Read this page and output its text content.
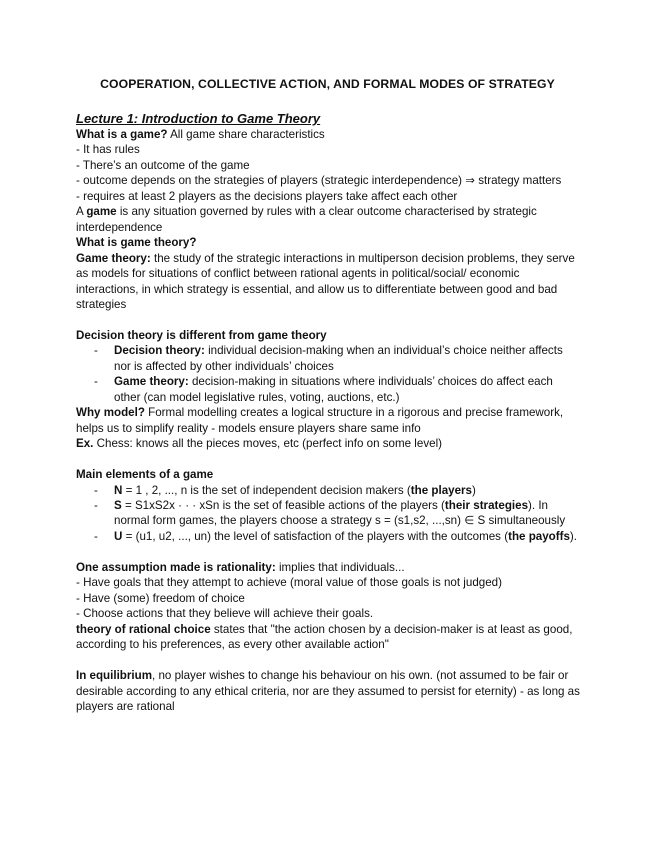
COOPERATION, COLLECTIVE ACTION, AND FORMAL MODES OF STRATEGY

Lecture 1: Introduction to Game Theory

What is a game? All game share characteristics

- It has rules

- There’s an outcome of the game

- outcome depends on the strategies of players (strategic interdependence) ⇒ strategy matters

- requires at least 2 players as the decisions players take affect each other

A game is any situation governed by rules with a clear outcome characterised by strategic interdependence

What is game theory?

Game theory: the study of the strategic interactions in multiperson decision problems, they serve as models for situations of conflict between rational agents in political/social/ economic interactions, in which strategy is essential, and allow us to differentiate between good and bad strategies

Decision theory is different from game theory

- Decision theory: individual decision-making when an individual’s choice neither affects nor is affected by other individuals’ choices
- Game theory: decision-making in situations where individuals’ choices do affect each other (can model legislative rules, voting, auctions, etc.)

Why model? Formal modelling creates a logical structure in a rigorous and precise framework, helps us to simplify reality - models ensure players share same info

Ex. Chess: knows all the pieces moves, etc (perfect info on some level)

Main elements of a game

- N = 1 , 2, ..., n is the set of independent decision makers (the players)
- S = S1xS2x · · · xSn is the set of feasible actions of the players (their strategies). In normal form games, the players choose a strategy s = (s1,s2, ...,sn) ∈ S simultaneously
- U = (u1, u2, ..., un) the level of satisfaction of the players with the outcomes (the payoffs).

One assumption made is rationality: implies that individuals...

- Have goals that they attempt to achieve (moral value of those goals is not judged)

- Have (some) freedom of choice

- Choose actions that they believe will achieve their goals.

theory of rational choice states that "the action chosen by a decision-maker is at least as good, according to his preferences, as every other available action"

In equilibrium, no player wishes to change his behaviour on his own. (not assumed to be fair or desirable according to any ethical criteria, nor are they assumed to persist for eternity) - as long as players are rational
